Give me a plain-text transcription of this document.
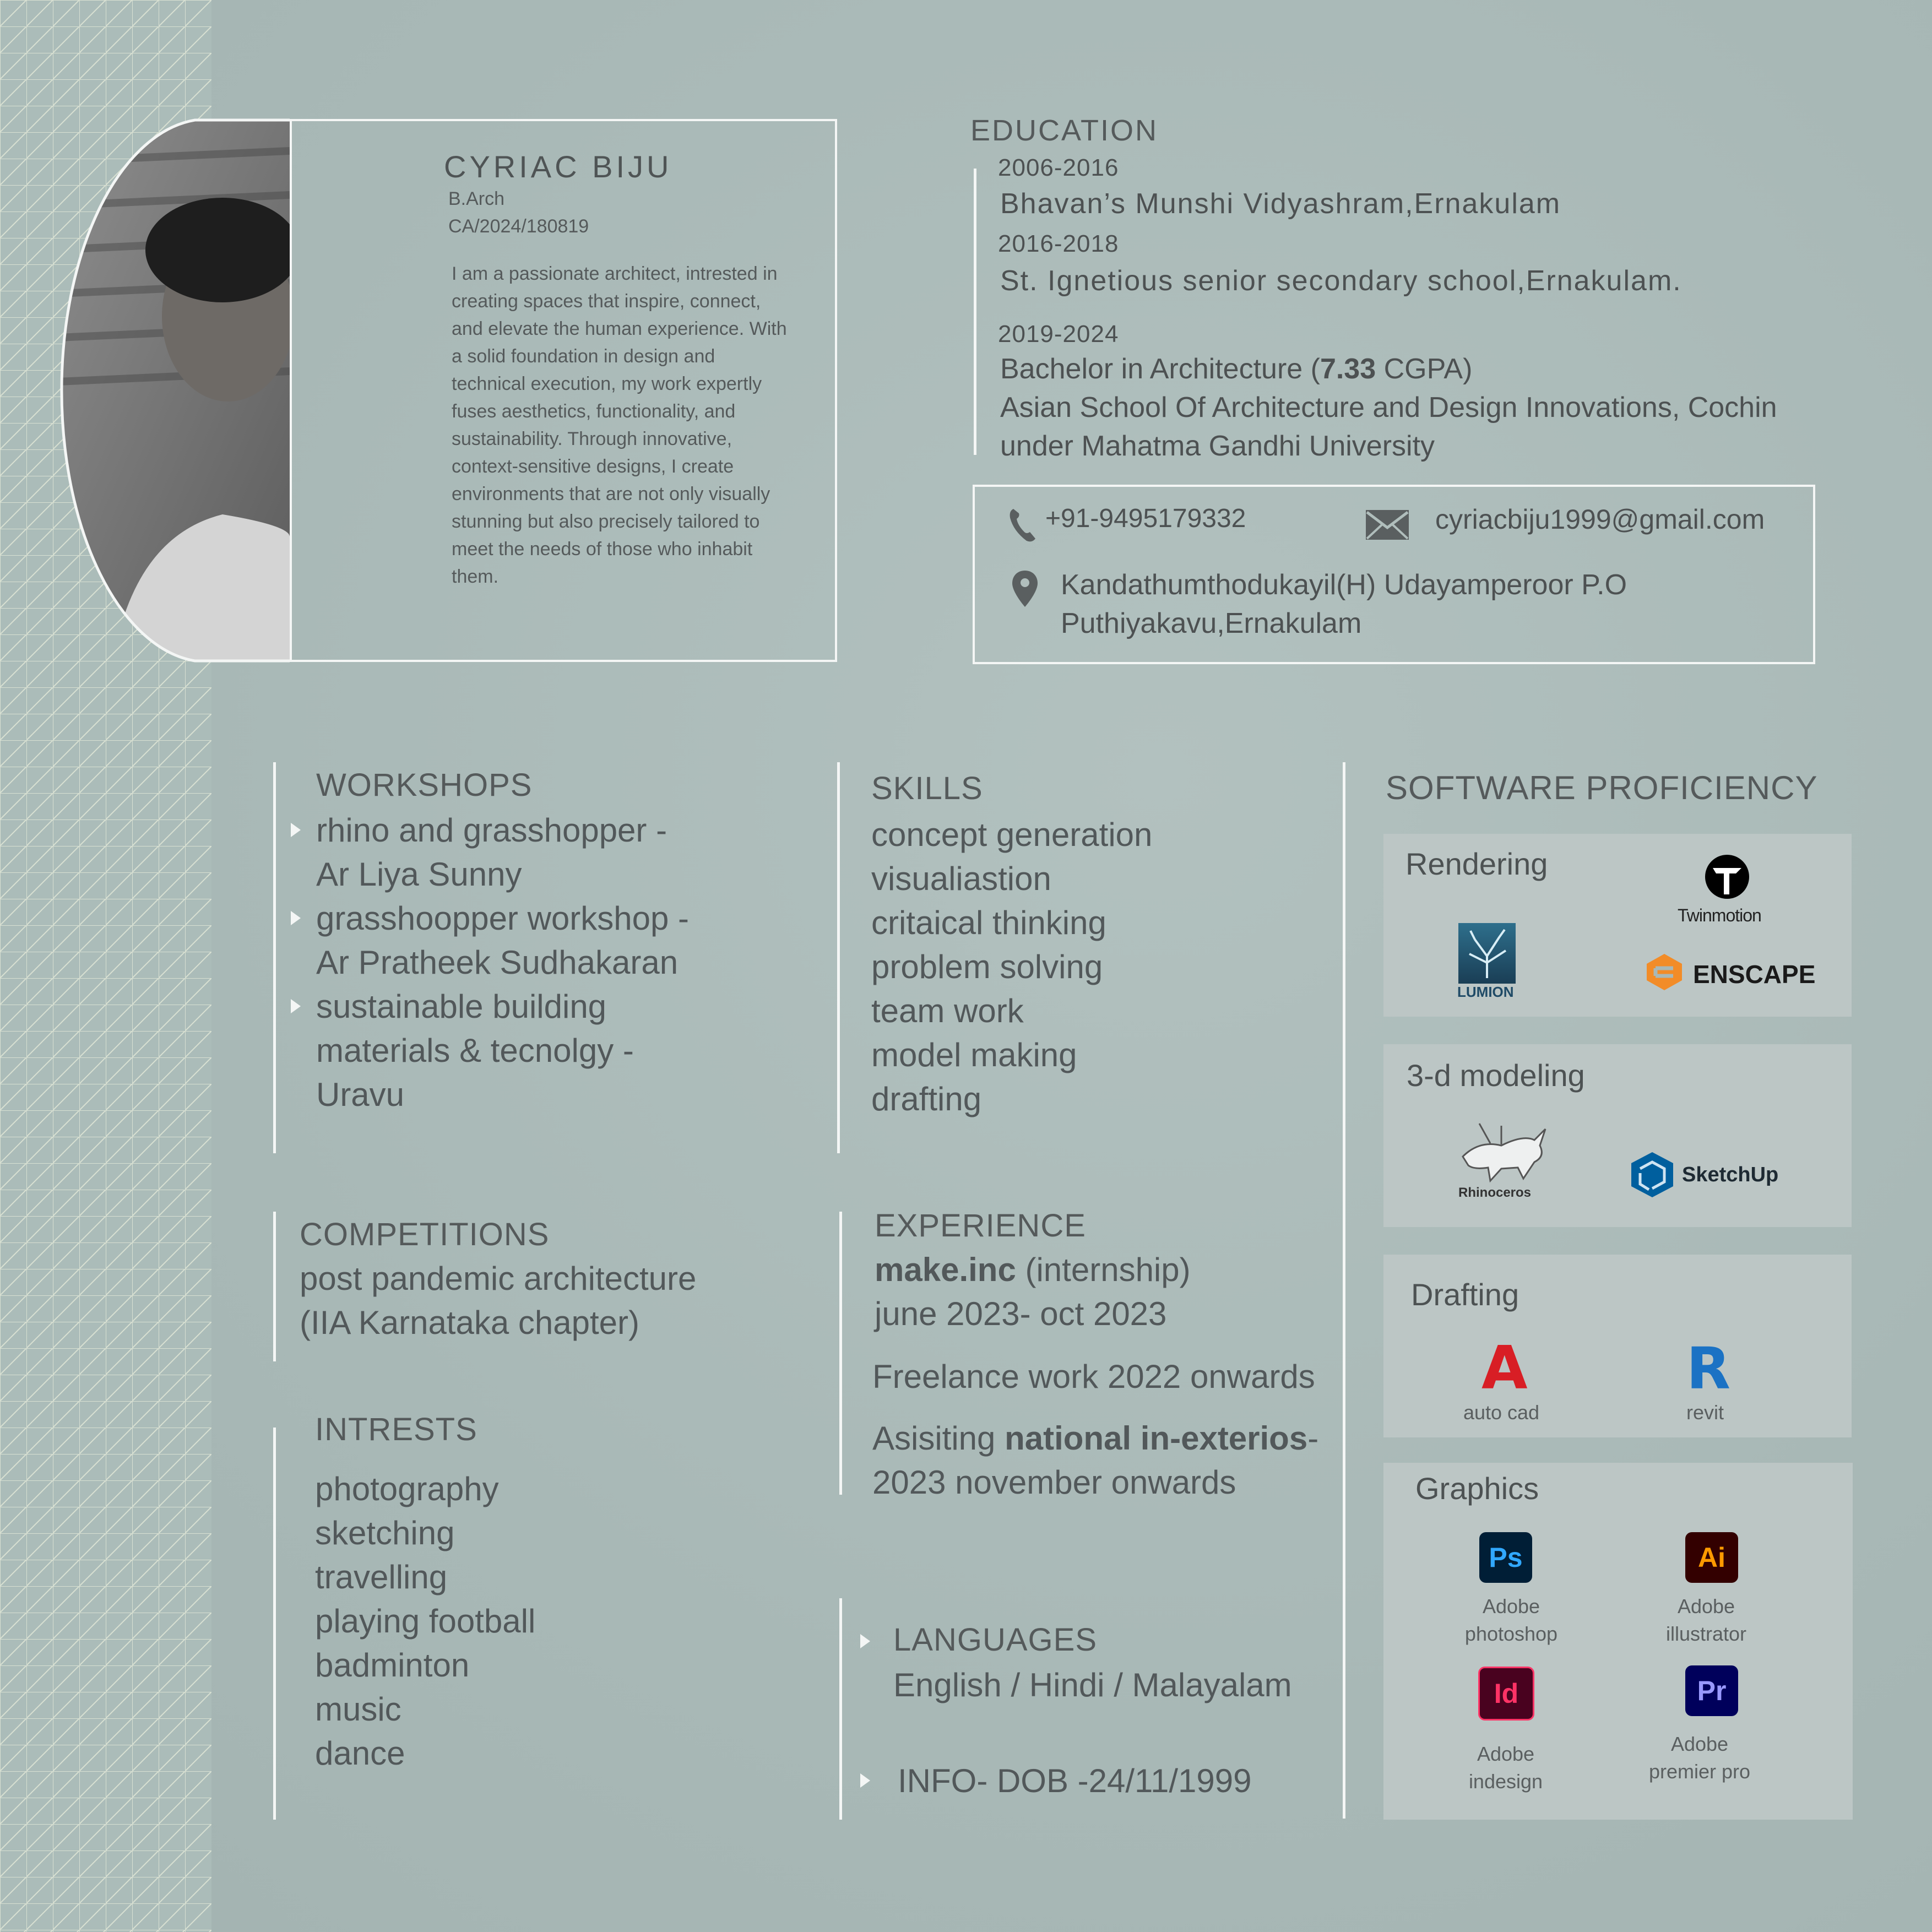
CYRIAC BIJU
B.Arch
CA/2024/180819
I am a passionate architect, intrested in creating spaces that inspire, connect, and elevate the human experience. With a solid foundation in design and technical execution, my work expertly fuses aesthetics, functionality, and sustainability. Through innovative, context-sensitive designs, I create environments that are not only visually stunning but also precisely tailored to meet the needs of those who inhabit them.
EDUCATION
2006-2016
Bhavan’s Munshi Vidyashram,Ernakulam
2016-2018
St. Ignetious senior secondary school,Ernakulam.
2019-2024
Bachelor in Architecture (7.33 CGPA)
Asian School Of Architecture and Design Innovations, Cochin
under Mahatma Gandhi University
+91-9495179332	cyriacbiju1999@gmail.com
Kandathumthodukayil(H) Udayamperoor P.O
Puthiyakavu,Ernakulam
WORKSHOPS
rhino and grasshopper -
Ar Liya Sunny
grasshoopper workshop -
Ar Pratheek Sudhakaran
sustainable building
materials & tecnolgy -
Uravu
SKILLS
concept generation
visualiastion
critaical thinking
problem solving
team work
model making
drafting
COMPETITIONS
post pandemic architecture
(IIA Karnataka chapter)
EXPERIENCE
make.inc (internship)
june 2023- oct 2023
Freelance work 2022 onwards
Asisiting national in-exterios-
2023 november onwards
INTRESTS
photography
sketching
travelling
playing football
badminton
music
dance
LANGUAGES
English / Hindi / Malayalam
INFO- DOB -24/11/1999
SOFTWARE PROFICIENCY
Rendering
Twinmotion
LUMION
ENSCAPE
3-d modeling
Rhinoceros
SketchUp
Drafting
A
auto cad
R
revit
Graphics
Ps
Adobe
photoshop
Ai
Adobe
illustrator
Id
Adobe
indesign
Pr
Adobe
premier pro
